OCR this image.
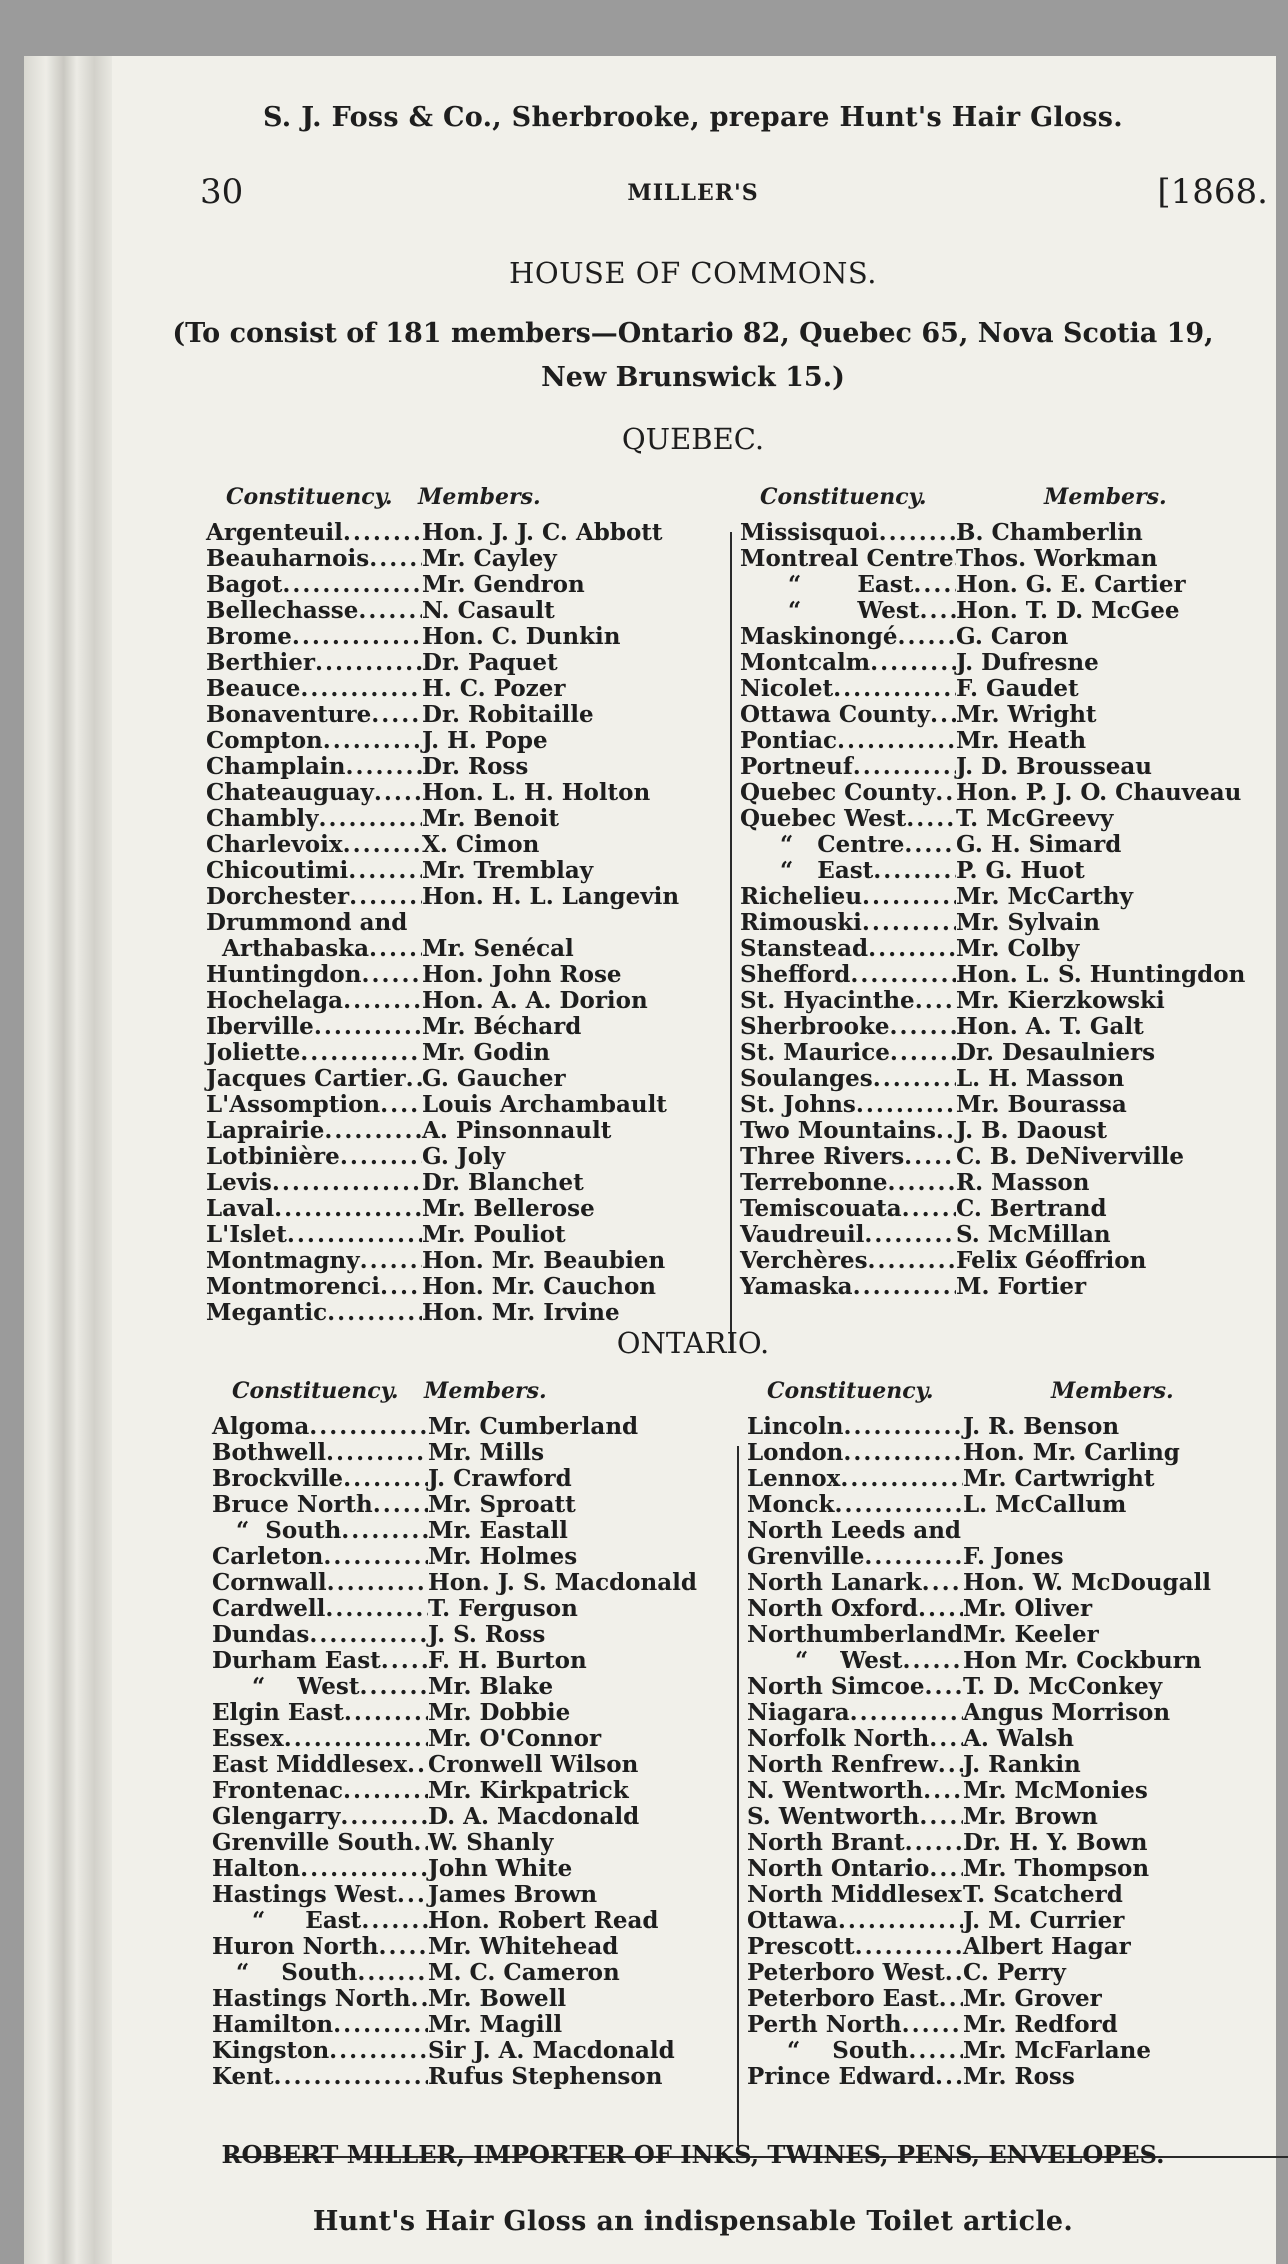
S. J. Foss & Co., Sherbrooke, prepare Hunt's Hair Gloss.
30	MILLER'S	[1868.
HOUSE OF COMMONS.
(To consist of 181 members—Ontario 82, Quebec 65, Nova Scotia 19,
New Brunswick 15.)
QUEBEC.
Constituency. Members.
Argenteuil .....	Hon. J. J. C. Abbott
Beauharnois ..... Mr. Cayley
Bagot .....	Mr. Gendron
Bellechasse .....	N. Casault
Brome .....	Hon. C. Dunkin
Berthier .....	Dr. Paquet
Beauce .....	H. C. Pozer
Bonaventure ..... Dr. Robitaille
Compton .....	J. H. Pope
Champlain .....	Dr. Ross
Chateauguay ..... Hon. L. H. Holton
Chambly .....	Mr. Benoit
Charlevoix .....	X. Cimon
Chicoutimi .....	Mr. Tremblay
Dorchester .....	Hon. H. L. Langevin
Drummond and
Arthabaska ..... Mr. Senécal
Huntingdon .....	Hon. John Rose
Hochelaga .....	Hon. A. A. Dorion
Iberville .....	Mr. Béchard
Joliette .....	Mr. Godin
Jacques Cartier ..... G. Gaucher
L'Assomption ..... Louis Archambault
Laprairie .....	A. Pinsonnault
Lotbinière .....	G. Joly
Levis .....	Dr. Blanchet
Laval .....	Mr. Bellerose
L'Islet .....	Mr. Pouliot
Montmagny .....	Hon. Mr. Beaubien
Montmorenci ..... Hon. Mr. Cauchon
Megantic .....	Hon. Mr. Irvine
Constituency.	Members.
Missisquoi .....	B. Chamberlin
Montreal Centre ..... Thos. Workman
“       East ..... Hon. G. E. Cartier
“       West ..... Hon. T. D. McGee
Maskinongé .....	G. Caron
Montcalm .....	J. Dufresne
Nicolet .....	F. Gaudet
Ottawa County ..... Mr. Wright
Pontiac .....	Mr. Heath
Portneuf .....	J. D. Brousseau
Quebec County ..... Hon. P. J. O. Chauveau
Quebec West ..... T. McGreevy
“   Centre ..... G. H. Simard
“   East .....	P. G. Huot
Richelieu .....	Mr. McCarthy
Rimouski .....	Mr. Sylvain
Stanstead .....	Mr. Colby
Shefford .....	Hon. L. S. Huntingdon
St. Hyacinthe ..... Mr. Kierzkowski
Sherbrooke .....	Hon. A. T. Galt
St. Maurice .....	Dr. Desaulniers
Soulanges .....	L. H. Masson
St. Johns .....	Mr. Bourassa
Two Mountains ..... J. B. Daoust
Three Rivers ..... C. B. DeNiverville
Terrebonne .....	R. Masson
Temiscouata ..... C. Bertrand
Vaudreuil .....	S. McMillan
Verchères .....	Felix Géoffrion
Yamaska .....	M. Fortier
ONTARIO.
Constituency. Members.
Algoma .....	Mr. Cumberland
Bothwell .....	Mr. Mills
Brockville .....	J. Crawford
Bruce North ..... Mr. Sproatt
“  South .....	Mr. Eastall
Carleton .....	Mr. Holmes
Cornwall .....	Hon. J. S. Macdonald
Cardwell .....	T. Ferguson
Dundas .....	J. S. Ross
Durham East ..... F. H. Burton
“    West .....	Mr. Blake
Elgin East .....	Mr. Dobbie
Essex .....	Mr. O'Connor
East Middlesex ..... Cronwell Wilson
Frontenac .....	Mr. Kirkpatrick
Glengarry .....	D. A. Macdonald
Grenville South ..... W. Shanly
Halton .....	John White
Hastings West ..... James Brown
“     East .....	Hon. Robert Read
Huron North ..... Mr. Whitehead
“    South .....	M. C. Cameron
Hastings North ..... Mr. Bowell
Hamilton .....	Mr. Magill
Kingston .....	Sir J. A. Macdonald
Kent .....	Rufus Stephenson
Constituency.	Members.
Lincoln .....	J. R. Benson
London .....	Hon. Mr. Carling
Lennox .....	Mr. Cartwright
Monck .....	L. McCallum
North Leeds and
Grenville .....	F. Jones
North Lanark ..... Hon. W. McDougall
North Oxford ..... Mr. Oliver
Northumberland Mr. Keeler
“    West .....	Hon Mr. Cockburn
North Simcoe ..... T. D. McConkey
Niagara .....	Angus Morrison
Norfolk North ..... A. Walsh
North Renfrew ..... J. Rankin
N. Wentworth ..... Mr. McMonies
S. Wentworth ..... Mr. Brown
North Brant .....	Dr. H. Y. Bown
North Ontario ..... Mr. Thompson
North Middlesex ..... T. Scatcherd
Ottawa .....	J. M. Currier
Prescott .....	Albert Hagar
Peterboro West ..... C. Perry
Peterboro East ..... Mr. Grover
Perth North .....	Mr. Redford
“    South ..... Mr. McFarlane
Prince Edward ..... Mr. Ross
ROBERT MILLER, IMPORTER OF INKS, TWINES, PENS, ENVELOPES.
Hunt's Hair Gloss an indispensable Toilet article.
